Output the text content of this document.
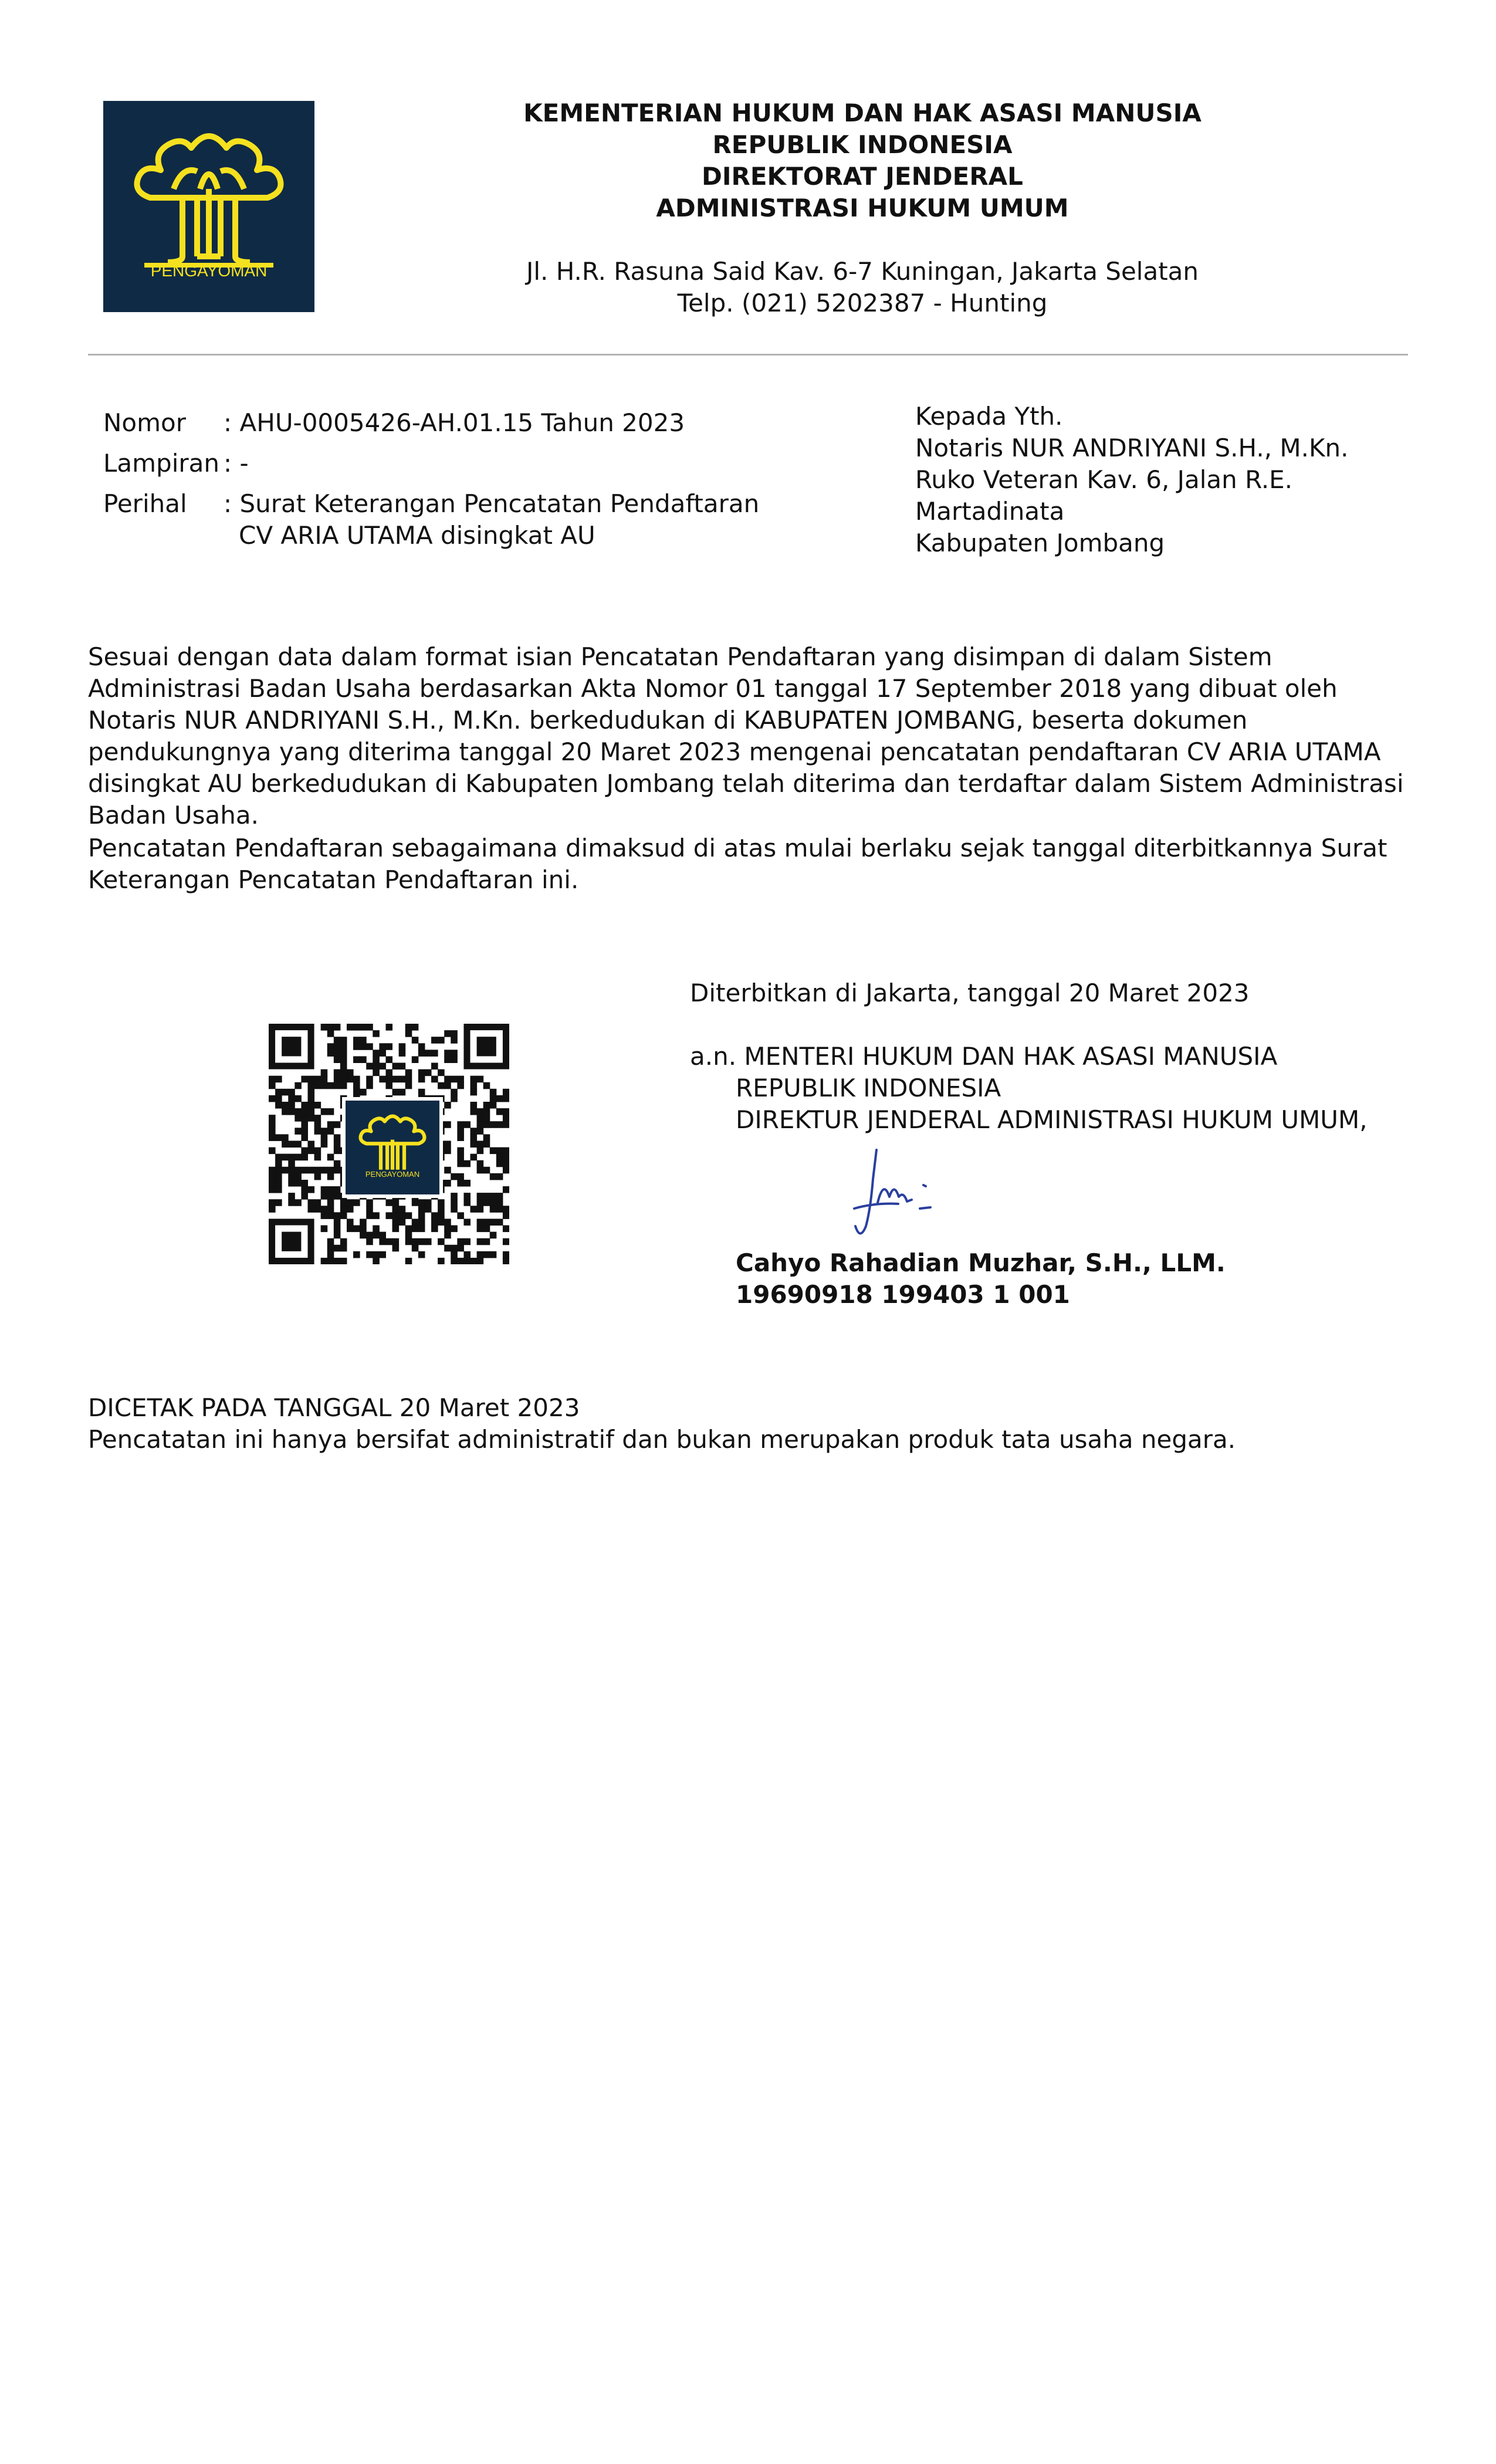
PENGAYOMAN
KEMENTERIAN HUKUM DAN HAK ASASI MANUSIA
REPUBLIK INDONESIA
DIREKTORAT JENDERAL
ADMINISTRASI HUKUM UMUM
Jl. H.R. Rasuna Said Kav. 6-7 Kuningan, Jakarta Selatan
Telp. (021) 5202387 - Hunting
Nomor	: AHU-0005426-AH.01.15 Tahun 2023
Lampiran : -
Perihal	: Surat Keterangan Pencatatan Pendaftaran
CV ARIA UTAMA disingkat AU
Kepada Yth.
Notaris NUR ANDRIYANI S.H., M.Kn.
Ruko Veteran Kav. 6, Jalan R.E.
Martadinata
Kabupaten Jombang
Sesuai dengan data dalam format isian Pencatatan Pendaftaran yang disimpan di dalam Sistem Administrasi Badan Usaha berdasarkan Akta Nomor 01 tanggal 17 September 2018 yang dibuat oleh Notaris NUR ANDRIYANI S.H., M.Kn. berkedudukan di KABUPATEN JOMBANG, beserta dokumen pendukungnya yang diterima tanggal 20 Maret 2023 mengenai pencatatan pendaftaran CV ARIA UTAMA disingkat AU berkedudukan di Kabupaten Jombang telah diterima dan terdaftar dalam Sistem Administrasi Badan Usaha.
Pencatatan Pendaftaran sebagaimana dimaksud di atas mulai berlaku sejak tanggal diterbitkannya Surat Keterangan Pencatatan Pendaftaran ini.
PENGAYOMAN
Diterbitkan di Jakarta, tanggal 20 Maret 2023
a.n. MENTERI HUKUM DAN HAK ASASI MANUSIA
REPUBLIK INDONESIA
DIREKTUR JENDERAL ADMINISTRASI HUKUM UMUM,
Cahyo Rahadian Muzhar, S.H., LLM.
19690918 199403 1 001
DICETAK PADA TANGGAL 20 Maret 2023
Pencatatan ini hanya bersifat administratif dan bukan merupakan produk tata usaha negara.
